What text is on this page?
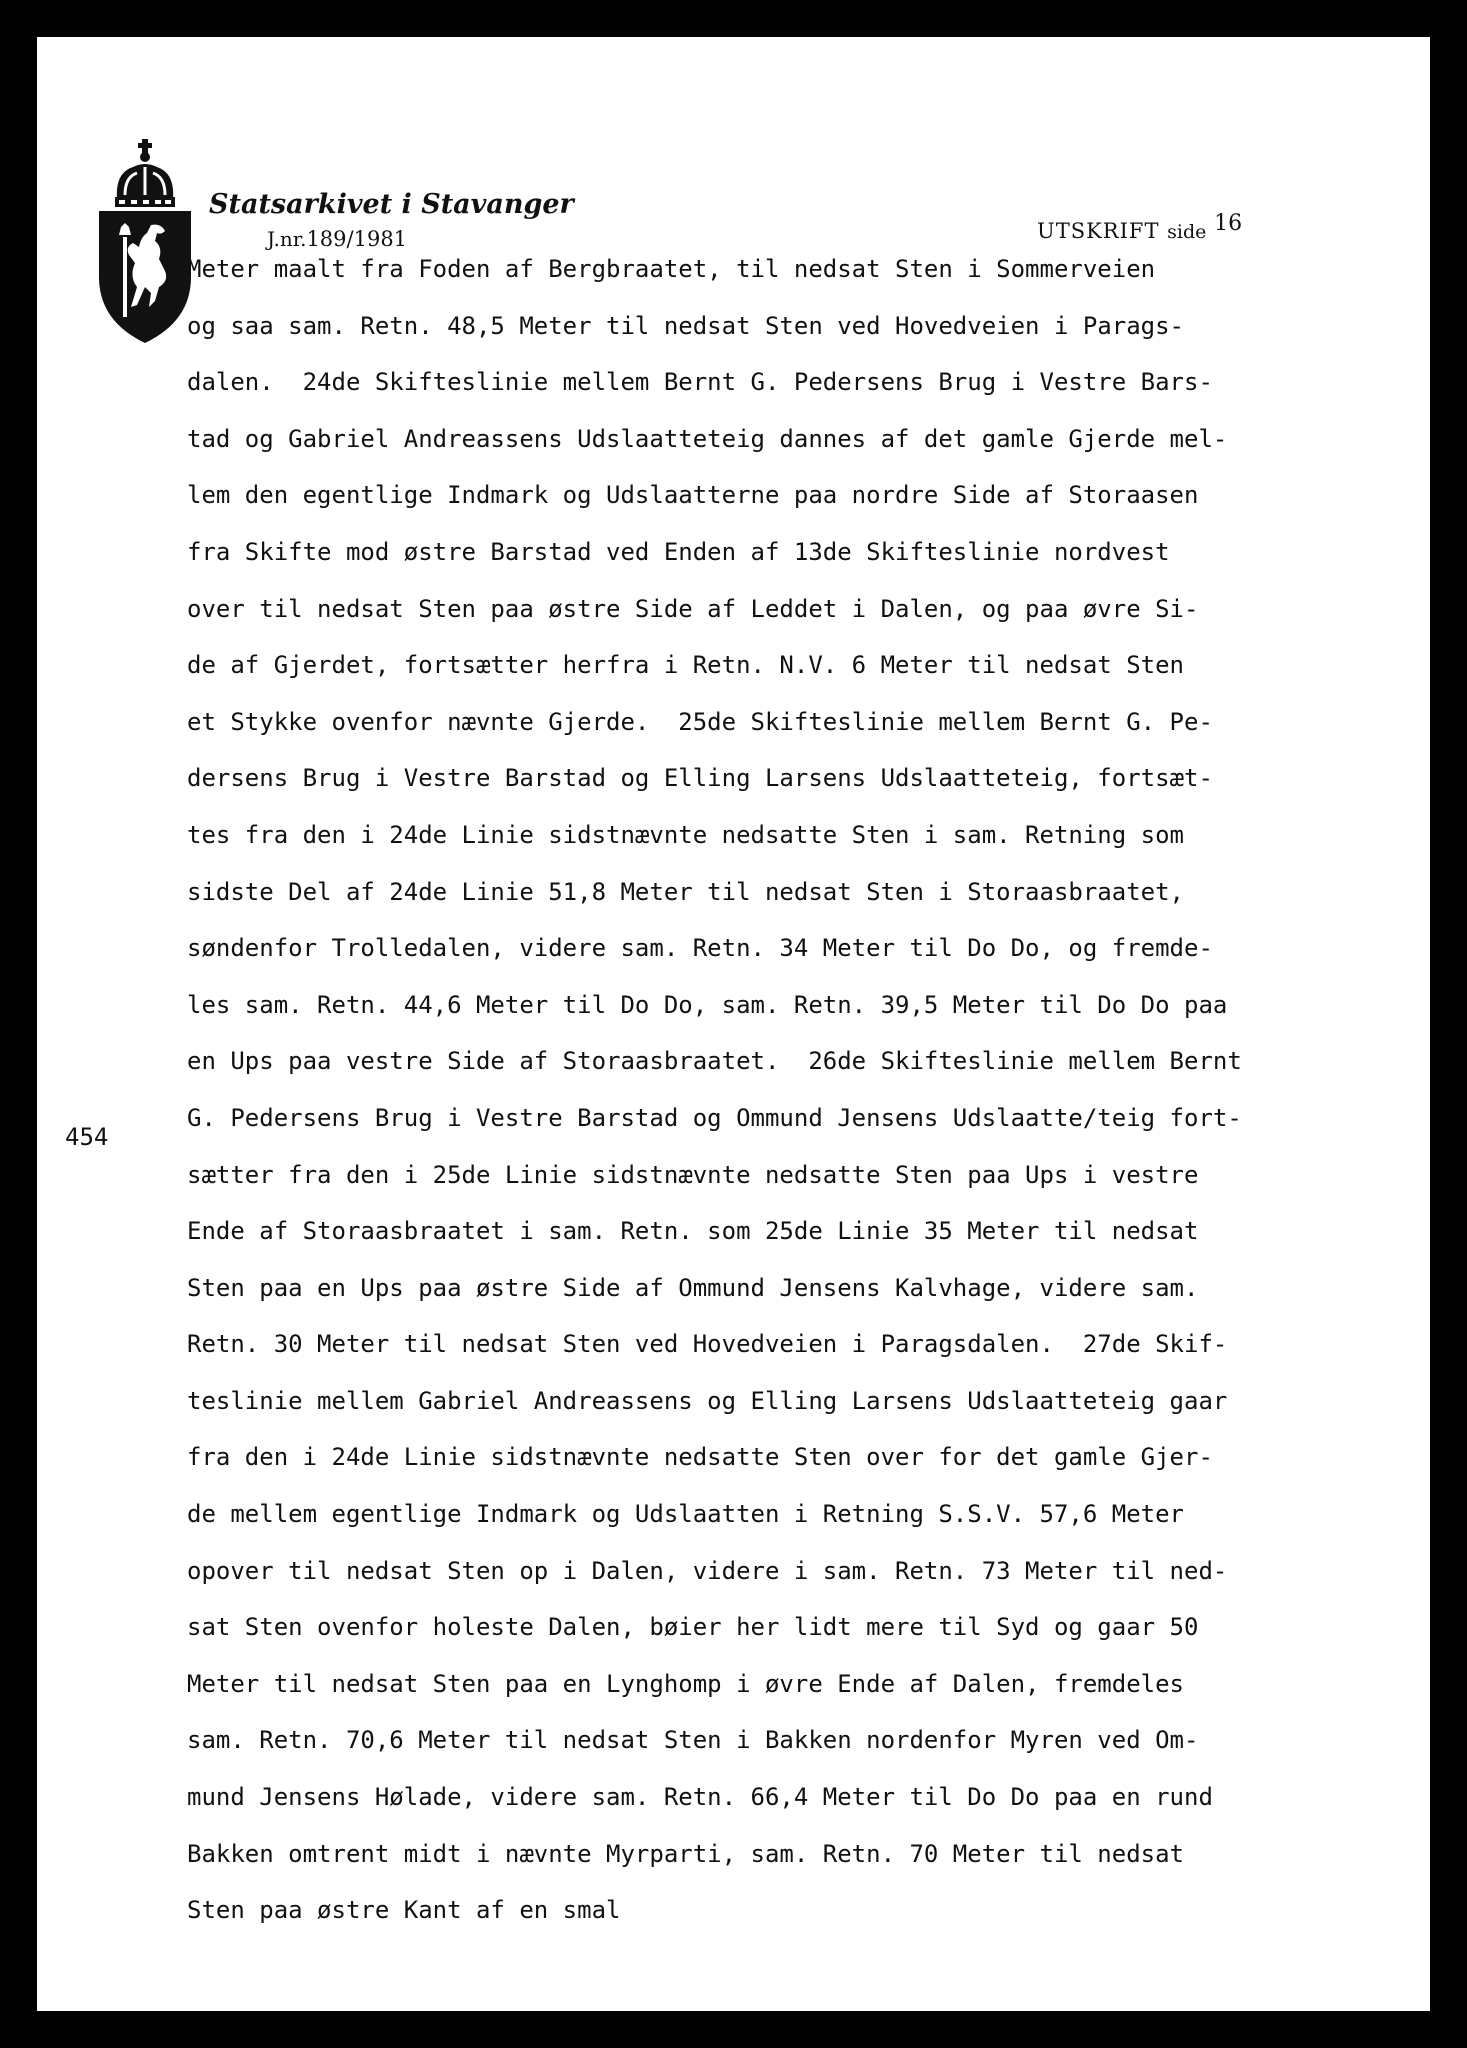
Statsarkivet i Stavanger
J.nr.189/1981	UTSKRIFT side 16
454
Meter maalt fra Foden af Bergbraatet, til nedsat Sten i Sommerveien
og saa sam. Retn. 48,5 Meter til nedsat Sten ved Hovedveien i Parags-
dalen.  24de Skifteslinie mellem Bernt G. Pedersens Brug i Vestre Bars-
tad og Gabriel Andreassens Udslaatteteig dannes af det gamle Gjerde mel-
lem den egentlige Indmark og Udslaatterne paa nordre Side af Storaasen
fra Skifte mod østre Barstad ved Enden af 13de Skifteslinie nordvest
over til nedsat Sten paa østre Side af Leddet i Dalen, og paa øvre Si-
de af Gjerdet, fortsætter herfra i Retn. N.V. 6 Meter til nedsat Sten
et Stykke ovenfor nævnte Gjerde.  25de Skifteslinie mellem Bernt G. Pe-
dersens Brug i Vestre Barstad og Elling Larsens Udslaatteteig, fortsæt-
tes fra den i 24de Linie sidstnævnte nedsatte Sten i sam. Retning som
sidste Del af 24de Linie 51,8 Meter til nedsat Sten i Storaasbraatet,
søndenfor Trolledalen, videre sam. Retn. 34 Meter til Do Do, og fremde-
les sam. Retn. 44,6 Meter til Do Do, sam. Retn. 39,5 Meter til Do Do paa
en Ups paa vestre Side af Storaasbraatet.  26de Skifteslinie mellem Bernt
G. Pedersens Brug i Vestre Barstad og Ommund Jensens Udslaatte/teig fort-
sætter fra den i 25de Linie sidstnævnte nedsatte Sten paa Ups i vestre
Ende af Storaasbraatet i sam. Retn. som 25de Linie 35 Meter til nedsat
Sten paa en Ups paa østre Side af Ommund Jensens Kalvhage, videre sam.
Retn. 30 Meter til nedsat Sten ved Hovedveien i Paragsdalen.  27de Skif-
teslinie mellem Gabriel Andreassens og Elling Larsens Udslaatteteig gaar
fra den i 24de Linie sidstnævnte nedsatte Sten over for det gamle Gjer-
de mellem egentlige Indmark og Udslaatten i Retning S.S.V. 57,6 Meter
opover til nedsat Sten op i Dalen, videre i sam. Retn. 73 Meter til ned-
sat Sten ovenfor holeste Dalen, bøier her lidt mere til Syd og gaar 50
Meter til nedsat Sten paa en Lynghomp i øvre Ende af Dalen, fremdeles
sam. Retn. 70,6 Meter til nedsat Sten i Bakken nordenfor Myren ved Om-
mund Jensens Hølade, videre sam. Retn. 66,4 Meter til Do Do paa en rund
Bakken omtrent midt i nævnte Myrparti, sam. Retn. 70 Meter til nedsat
Sten paa østre Kant af en smal
